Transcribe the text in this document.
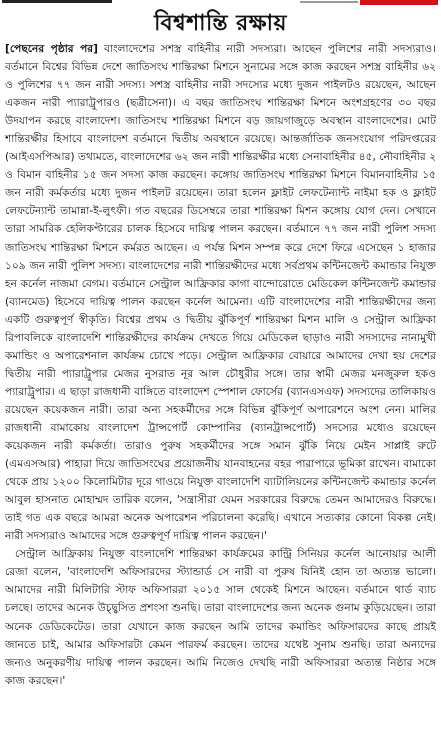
বিশ্বশান্তি রক্ষায়

[পেছনের পৃষ্ঠার পর] বাংলাদেশের সশস্ত্র বাহিনীর নারী সদস্যরা। আছেন পুলিশের নারী সদস্যরাও। বর্তমানে বিশ্বের বিভিন্ন দেশে জাতিসংঘ শান্তিরক্ষা মিশনে সুনামের সঙ্গে কাজ করছেন সশস্ত্র বাহিনীর ৬২ ও পুলিশের ৭৭ জন নারী সদস্য। সশস্ত্র বাহিনীর নারী সদস্যের মধ্যে দুজন পাইলটও রয়েছেন, আছেন একজন নারী প্যারাট্রুপারও (ছত্রীসেনা)। এ বছর জাতিসংঘ শান্তিরক্ষা মিশনে অংশগ্রহণের ৩০ বছর উদযাপন করছে বাংলাদেশ। জাতিসংঘ শান্তিরক্ষা মিশনে বড় জায়গাজুড়ে অবস্থান বাংলাদেশের। মোট শান্তিরক্ষীর হিসাবে বাংলাদেশ বর্তমানে দ্বিতীয় অবস্থানে রয়েছে। আন্তর্জাতিক জনসংযোগ পরিদপ্তরের (আইএসপিআর) তথ্যমতে, বাংলাদেশের ৬২ জন নারী শান্তিরক্ষীর মধ্যে সেনাবাহিনীর ৪৫, নৌবাহিনীর ২ ও বিমান বাহিনীর ১৫ জন সদস্য কাজ করছেন। কঙ্গোয় জাতিসংঘ শান্তিরক্ষা মিশনে বিমানবাহিনীর ১৫ জন নারী কর্মকর্তার মধ্যে দুজন পাইলট রয়েছেন। তারা হলেন ফ্লাইট লেফটেন্যান্ট নাইমা হক ও ফ্লাইট লেফটেন্যান্ট তামান্না-ই-লুৎফী। গত বছরের ডিসেম্বরে তারা শান্তিরক্ষা মিশন কঙ্গোয় যোগ দেন। সেখানে তারা সামরিক হেলিকপ্টারের চালক হিসেবে দায়িত্ব পালন করছেন। বর্তমানে ৭৭ জন নারী পুলিশ সদস্য জাতিসংঘ শান্তিরক্ষা মিশনে কর্মরত আছেন। এ পর্যন্ত মিশন সম্পন্ন করে দেশে ফিরে এসেছেন ১ হাজার ১০৯ জন নারী পুলিশ সদস্য। বাংলাদেশের নারী শান্তিরক্ষীদের মধ্যে সর্বপ্রথম কন্টিনজেন্ট কমান্ডার নিযুক্ত হন কর্নেল নাজমা বেগম। বর্তমানে সেন্ট্রাল আফ্রিকার কাগা বান্দোরোতে মেডিকেল কন্টিনজেন্ট কমান্ডার (ব্যানমেড) হিসেবে দায়িত্ব পালন করছেন কর্নেল আমেনা। এটি বাংলাদেশের নারী শান্তিরক্ষীদের জন্য একটি গুরুত্বপূর্ণ স্বীকৃতি। বিশ্বের প্রথম ও দ্বিতীয় ঝুঁকিপূর্ণ শান্তিরক্ষা মিশন মালি ও সেন্ট্রাল আফ্রিকা রিপাবলিকে বাংলাদেশি শান্তিরক্ষীদের কার্যক্রম দেখতে গিয়ে মেডিকেল ছাড়াও নারী সদস্যদের নানামুখী কমান্ডিং ও অপারেশনাল কার্যক্রম চোখে পড়ে। সেন্ট্রাল আফ্রিকার বোয়ারে আমাদের দেখা হয় দেশের দ্বিতীয় নারী প্যারাট্রুপার মেজর নুসরাত নূর আল চৌধুরীর সঙ্গে। তার স্বামী মেজর মনজুরুল হকও প্যারাট্রুপার। এ ছাড়া রাজধানী বাঙ্গিতে বাংলাদেশ স্পেশাল ফোর্সের (ব্যানএসএফ) সদস্যদের তালিকায়ও রয়েছেন কয়েকজন নারী। তারা অন্য সহকর্মীদের সঙ্গে বিভিন্ন ঝুঁকিপূর্ণ অপারেশনে অংশ নেন। মালির রাজধানী বামাকোয় বাংলাদেশ ট্রান্সপোর্ট কোম্পানির (ব্যানট্রান্সপোর্ট) সদস্যের মধ্যেও রয়েছেন কয়েকজন নারী কর্মকর্তা। তারাও পুরুষ সহকর্মীদের সঙ্গে সমান ঝুঁকি নিয়ে মেইন সাপ্লাই রুটে (এমএসআর) পাহারা দিয়ে জাতিসংঘের প্রয়োজনীয় যানবাহনের বহর পারাপারে ভূমিকা রাখেন। বামাকো থেকে প্রায় ১২০০ কিলোমিটার দূরে গাওয়ে নিযুক্ত বাংলাদেশি ব্যাটালিয়নের কন্টিনজেন্ট কমান্ডার কর্নেল আবুল হাসনাত মোহাম্মদ তারিক বলেন, 'সন্ত্রাসীরা যেমন সরকারের বিরুদ্ধে তেমন আমাদেরও বিরুদ্ধে। তাই গত এক বছরে আমরা অনেক অপারেশন পরিচালনা করেছি। এখানে সত্যকার কোনো বিকল্প নেই। নারী সদস্যরাও আমাদের সঙ্গে গুরুত্বপূর্ণ দায়িত্ব পালন করছেন।'

সেন্ট্রাল আফ্রিকায় নিযুক্ত বাংলাদেশি শান্তিরক্ষা কার্যক্রমের কান্ট্রি সিনিয়র কর্নেল আনোয়ার আলী রেজা বলেন, 'বাংলাদেশি অফিসারদের স্ট্যান্ডার্ড সে নারী বা পুরুষ যিনিই হোন তা অত্যন্ত ভালো। আমাদের নারী মিলিটারি স্টাফ অফিসাররা ২০১৫ সাল থেকেই মিশনে আছেন। বর্তমানে থার্ড ব্যাচ চলছে। তাদের অনেক উচ্ছ্বসিত প্রশংসা শুনছি। তারা বাংলাদেশের জন্য অনেক গুনাম কুড়িয়েছেন। তারা অনেক ডেডিকেটেড। তারা যেখানে কাজ করছেন আমি তাদের কমান্ডিং অফিসারদের কাছে প্রায়ই জানতে চাই, আমার অফিসারটা কেমন পারফর্ম করছেন। তাদের যথেষ্ট সুনাম শুনছি। তারা অন্যদের জন্যও অনুকরণীয় দায়িত্ব পালন করছেন। আমি নিজেও দেখছি নারী অফিসাররা অত্যন্ত নিষ্ঠার সঙ্গে কাজ করছেন।'
